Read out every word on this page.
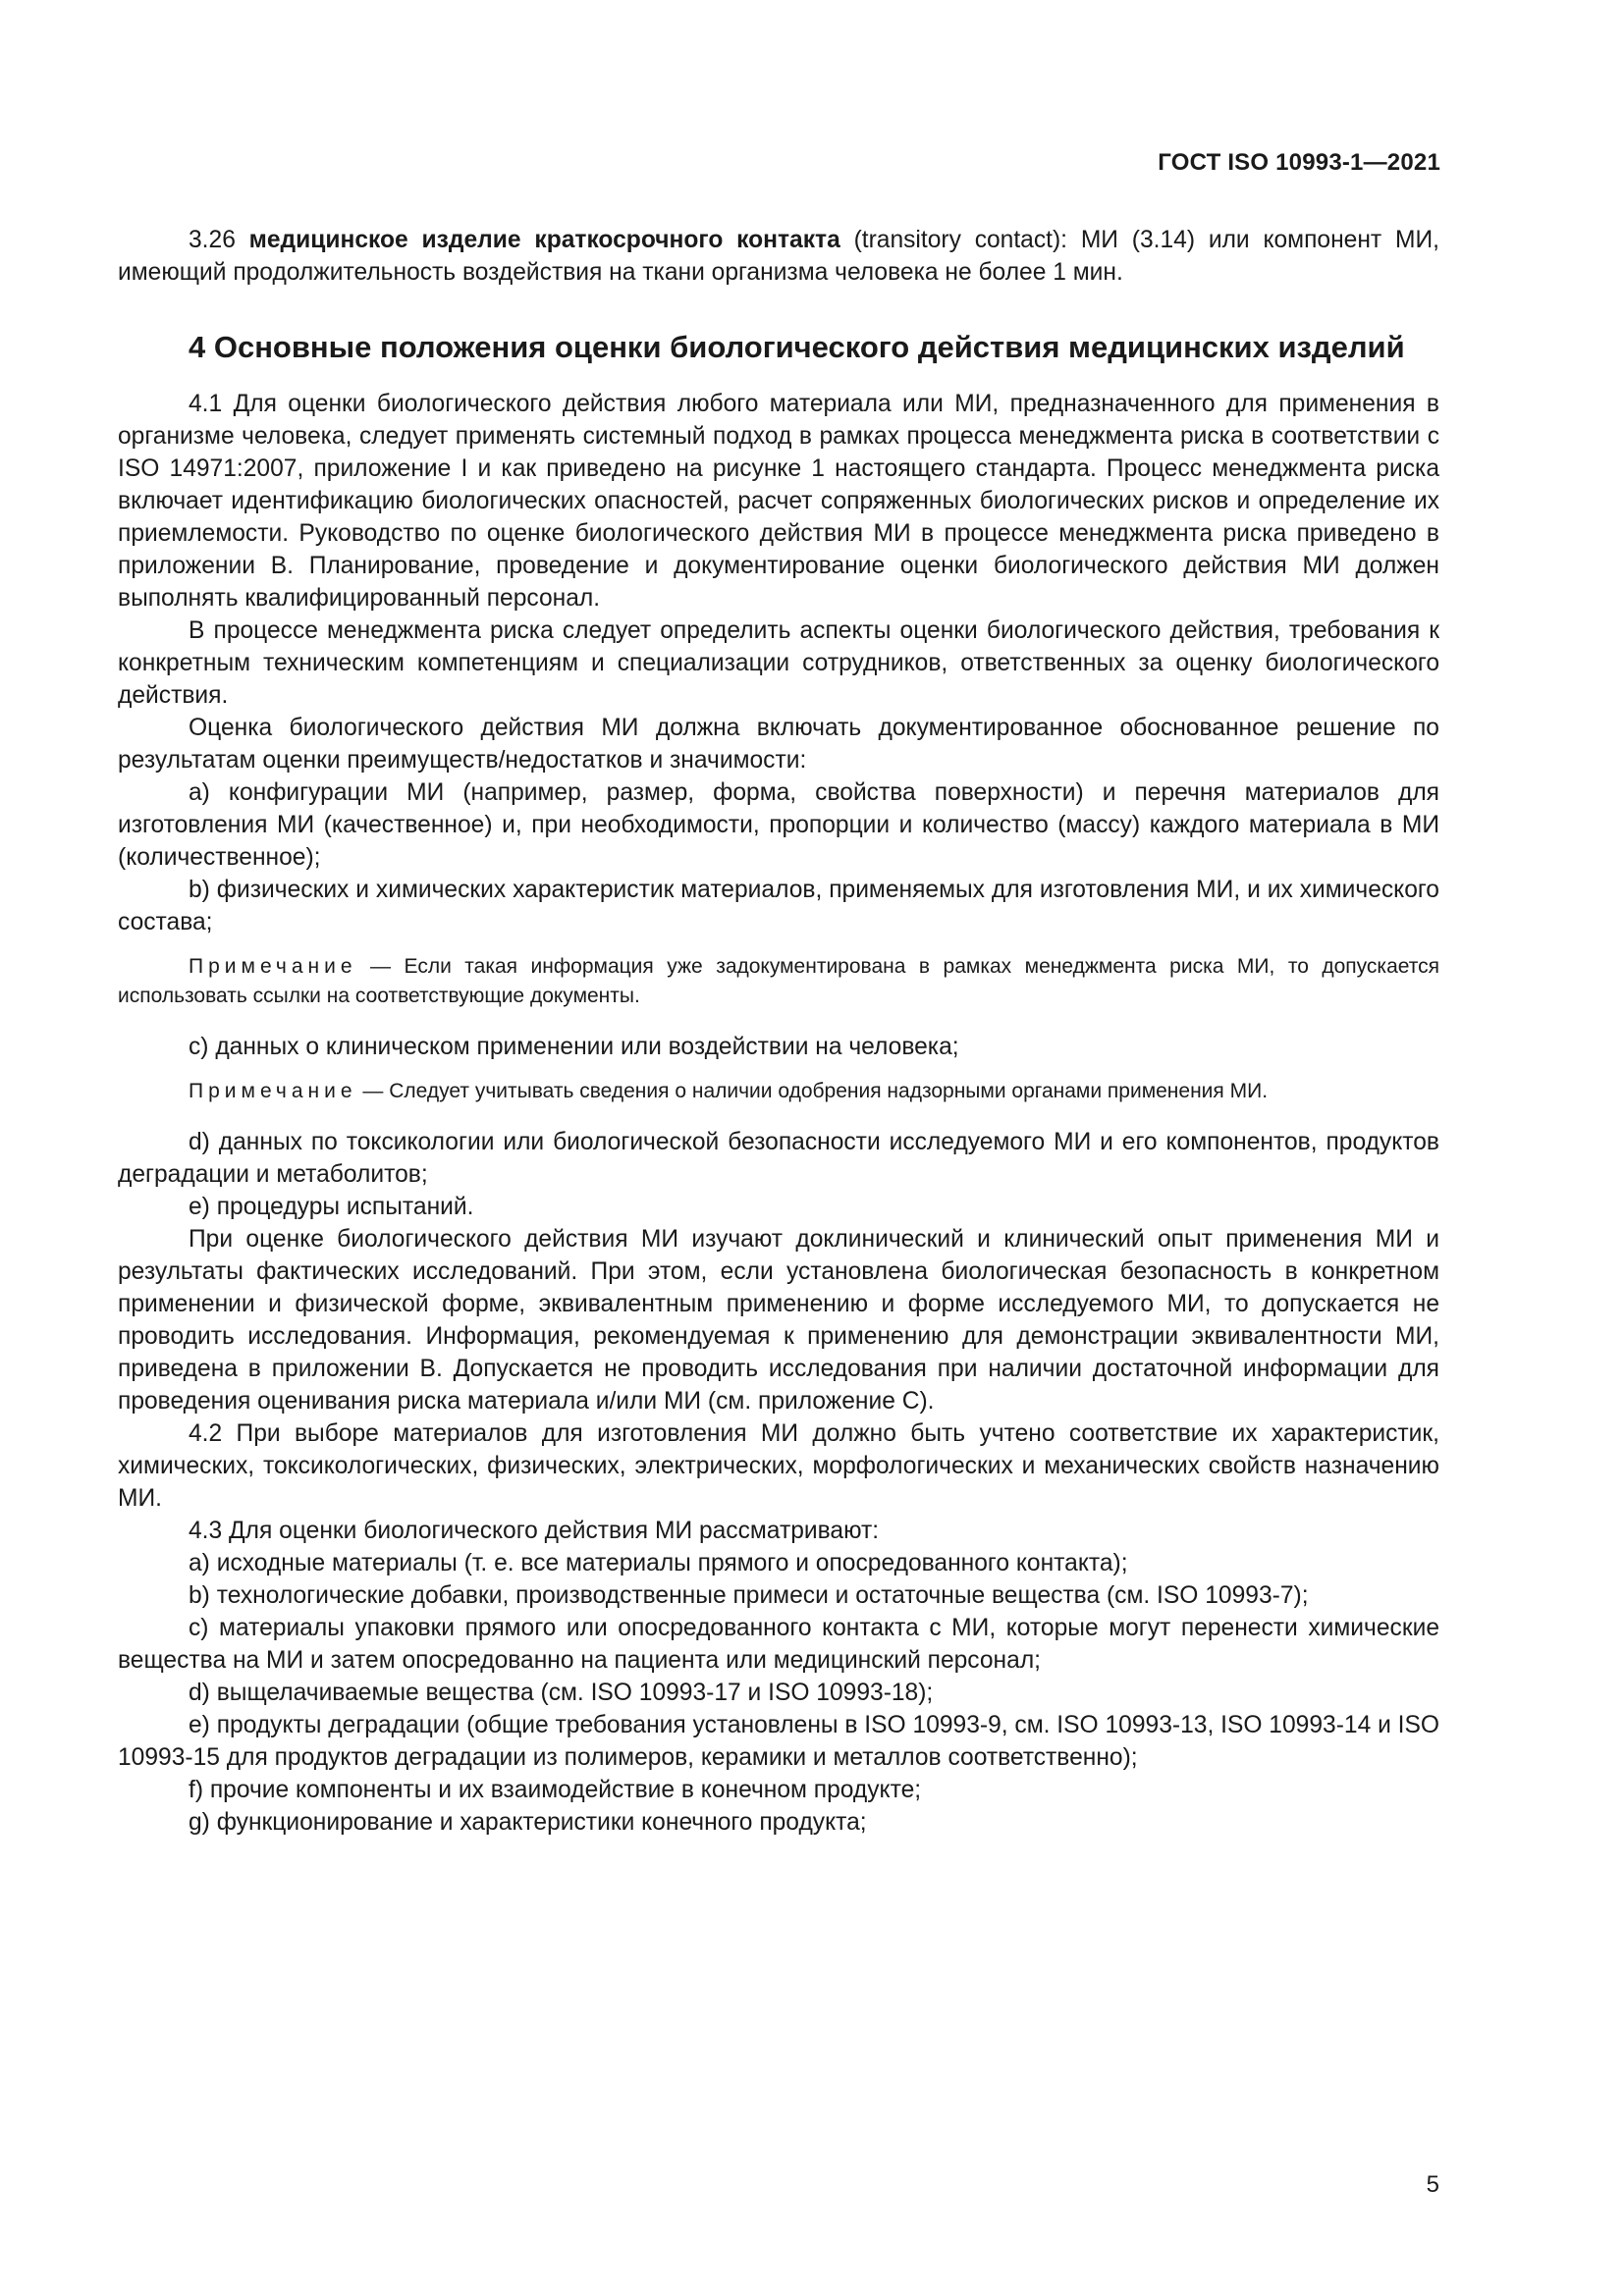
ГОСТ ISO 10993-1—2021

3.26 медицинское изделие краткосрочного контакта (transitory contact): МИ (3.14) или компонент МИ, имеющий продолжительность воздействия на ткани организма человека не более 1 мин.

4 Основные положения оценки биологического действия медицинских изделий

4.1 Для оценки биологического действия любого материала или МИ, предназначенного для применения в организме человека, следует применять системный подход в рамках процесса менеджмента риска в соответствии с ISO 14971:2007, приложение I и как приведено на рисунке 1 настоящего стандарта. Процесс менеджмента риска включает идентификацию биологических опасностей, расчет сопряженных биологических рисков и определение их приемлемости. Руководство по оценке биологического действия МИ в процессе менеджмента риска приведено в приложении В. Планирование, проведение и документирование оценки биологического действия МИ должен выполнять квалифицированный персонал.

В процессе менеджмента риска следует определить аспекты оценки биологического действия, требования к конкретным техническим компетенциям и специализации сотрудников, ответственных за оценку биологического действия.

Оценка биологического действия МИ должна включать документированное обоснованное решение по результатам оценки преимуществ/недостатков и значимости:

a) конфигурации МИ (например, размер, форма, свойства поверхности) и перечня материалов для изготовления МИ (качественное) и, при необходимости, пропорции и количество (массу) каждого материала в МИ (количественное);

b) физических и химических характеристик материалов, применяемых для изготовления МИ, и их химического состава;

Примечание — Если такая информация уже задокументирована в рамках менеджмента риска МИ, то допускается использовать ссылки на соответствующие документы.

c) данных о клиническом применении или воздействии на человека;

Примечание — Следует учитывать сведения о наличии одобрения надзорными органами применения МИ.

d) данных по токсикологии или биологической безопасности исследуемого МИ и его компонентов, продуктов деградации и метаболитов;

e) процедуры испытаний.

При оценке биологического действия МИ изучают доклинический и клинический опыт применения МИ и результаты фактических исследований. При этом, если установлена биологическая безопасность в конкретном применении и физической форме, эквивалентным применению и форме исследуемого МИ, то допускается не проводить исследования. Информация, рекомендуемая к применению для демонстрации эквивалентности МИ, приведена в приложении В. Допускается не проводить исследования при наличии достаточной информации для проведения оценивания риска материала и/или МИ (см. приложение С).

4.2 При выборе материалов для изготовления МИ должно быть учтено соответствие их характеристик, химических, токсикологических, физических, электрических, морфологических и механических свойств назначению МИ.

4.3 Для оценки биологического действия МИ рассматривают:

a) исходные материалы (т. е. все материалы прямого и опосредованного контакта);

b) технологические добавки, производственные примеси и остаточные вещества (см. ISO 10993-7);

c) материалы упаковки прямого или опосредованного контакта с МИ, которые могут перенести химические вещества на МИ и затем опосредованно на пациента или медицинский персонал;

d) выщелачиваемые вещества (см. ISO 10993-17 и ISO 10993-18);

e) продукты деградации (общие требования установлены в ISO 10993-9, см. ISO 10993-13, ISO 10993-14 и ISO 10993-15 для продуктов деградации из полимеров, керамики и металлов соответственно);

f) прочие компоненты и их взаимодействие в конечном продукте;

g) функционирование и характеристики конечного продукта;

5
